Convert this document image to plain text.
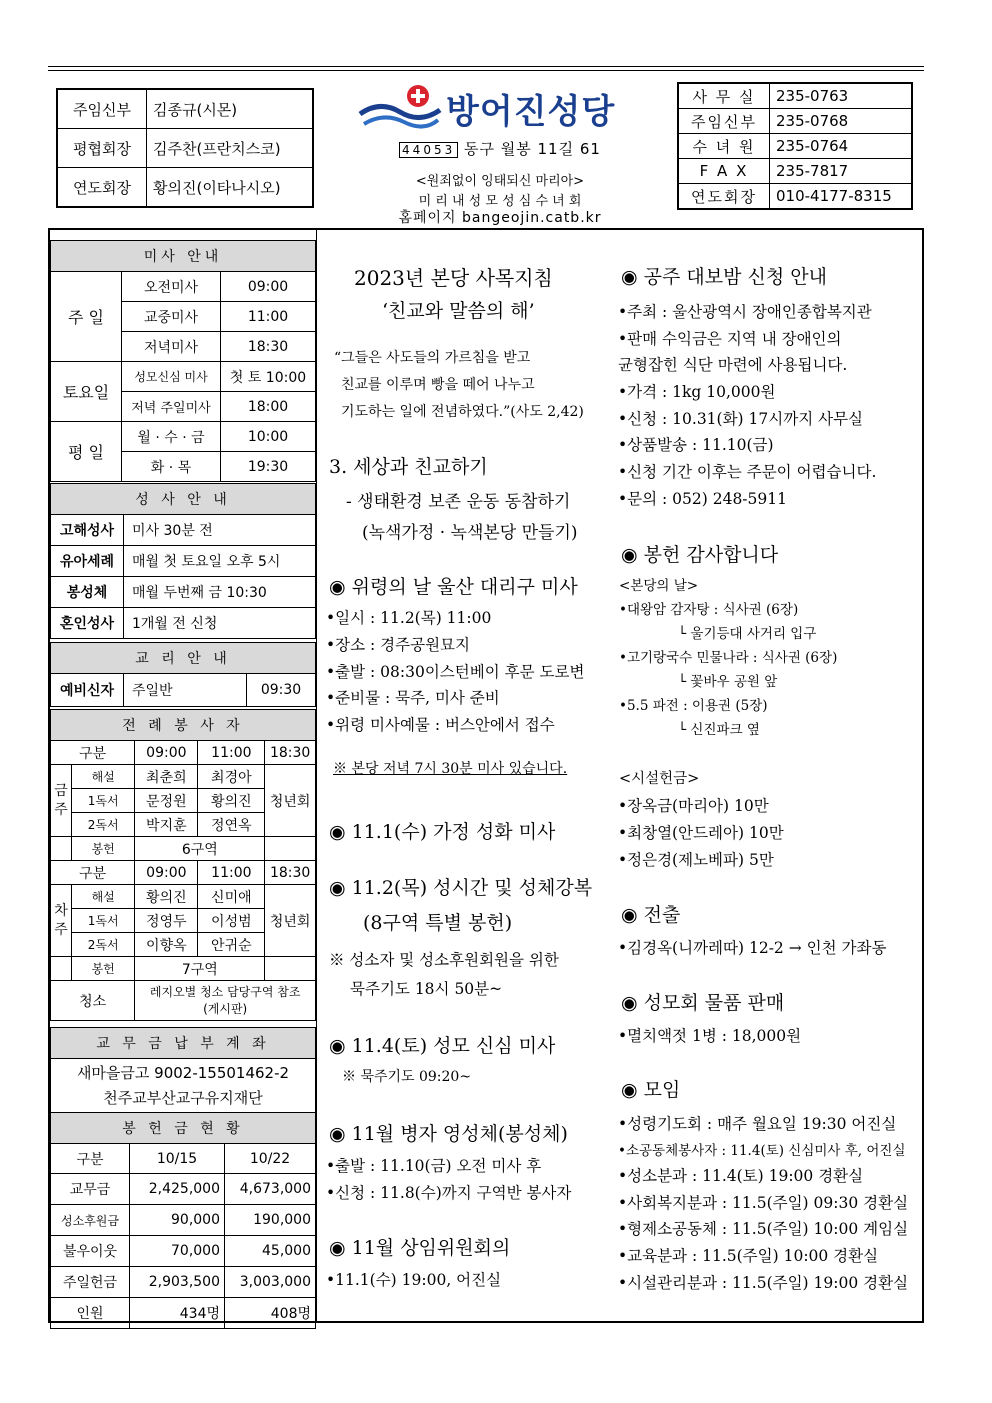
주임신부	김종규(시몬)
평협회장	김주찬(프란치스코)
연도회장	황의진(이타나시오)
방어진성당
44053 동구 월봉 11길 61
<원죄없이 잉태되신 마리아>
미 리 내 성 모 성 심 수 녀 회
홈페이지 bangeojin.catb.kr
사 무 실	235-0763
주임신부	235-0768
수 녀 원	235-0764
F A X	235-7817
연도회장	010-4177-8315
미사 안내		
주 일	오전미사	09:00
	교중미사	11:00
	저녁미사	18:30
토요일	성모신심 미사	첫 토 10:00
	저녁 주일미사	18:00
평 일	월 · 수 · 금	10:00
	화 · 목	19:30
성 사 안 내	
고해성사	미사 30분 전
유아세례	매월 첫 토요일 오후 5시
봉성체	매월 두번째 금 10:30
혼인성사	1개월 전 신청
교 리 안 내
예비신자	주일반	09:30
전 례 봉 사 자				
구분		09:00	11:00	18:30
금
주	해설	최춘희	최경아	청년회
	1독서	문정원	황의진	
	2독서	박지훈	정연옥	
	봉헌	6구역		
구분		09:00	11:00	18:30
차
주	해설	황의진	신미애	청년회
	1독서	정영두	이성범	
	2독서	이향옥	안귀순	
	봉헌	7구역		
청소		레지오별 청소 담당구역 참조
(게시판)		
교 무 금 납 부 계 좌
새마을금고 9002-15501462-2
천주교부산교구유지재단
봉 헌 금 현 황		
구분	10/15	10/22
교무금	2,425,000	4,673,000
성소후원금	90,000	190,000
불우이웃	70,000	45,000
주일헌금	2,903,500	3,003,000
인원	434명	408명
2023년 본당 사목지침
‘친교와 말씀의 해’
“그들은 사도들의 가르침을 받고
친교를 이루며 빵을 떼어 나누고
기도하는 일에 전념하였다.”(사도 2,42)
3. 세상과 친교하기
- 생태환경 보존 운동 동참하기
(녹색가정 · 녹색본당 만들기)
◉ 위령의 날 울산 대리구 미사
•일시 : 11.2(목) 11:00
•장소 : 경주공원묘지
•출발 : 08:30이스턴베이 후문 도로변
•준비물 : 묵주, 미사 준비
•위령 미사예물 : 버스안에서 접수
※ 본당 저녁 7시 30분 미사 있습니다.
◉ 11.1(수) 가정 성화 미사
◉ 11.2(목) 성시간 및 성체강복
(8구역 특별 봉헌)
※ 성소자 및 성소후원회원을 위한
묵주기도 18시 50분~
◉ 11.4(토) 성모 신심 미사
※ 묵주기도 09:20~
◉ 11월 병자 영성체(봉성체)
•출발 : 11.10(금) 오전 미사 후
•신청 : 11.8(수)까지 구역반 봉사자
◉ 11월 상임위원회의
•11.1(수) 19:00, 어진실
◉ 공주 대보밤 신청 안내
•주최 : 울산광역시 장애인종합복지관
•판매 수익금은 지역 내 장애인의
균형잡힌 식단 마련에 사용됩니다.
•가격 : 1kg 10,000원
•신청 : 10.31(화) 17시까지 사무실
•상품발송 : 11.10(금)
•신청 기간 이후는 주문이 어렵습니다.
•문의 : 052) 248-5911
◉ 봉헌 감사합니다
<본당의 날>
•대왕암 감자탕 : 식사권 (6장)
└ 울기등대 사거리 입구
•고기랑국수 민물나라 : 식사권 (6장)
└ 꽃바우 공원 앞
•5.5 파전 : 이용권 (5장)
└ 신진파크 옆
<시설헌금>
•장옥금(마리아) 10만
•최창열(안드레아) 10만
•정은경(제노베파) 5만
◉ 전출
•김경옥(니까레따) 12-2 → 인천 가좌동
◉ 성모회 물품 판매
•멸치액젓 1병 : 18,000원
◉ 모임
•성령기도회 : 매주 월요일 19:30 어진실
•소공동체봉사자 : 11.4(토) 신심미사 후, 어진실
•성소분과 : 11.4(토) 19:00 경환실
•사회복지분과 : 11.5(주일) 09:30 경환실
•형제소공동체 : 11.5(주일) 10:00 계임실
•교육분과 : 11.5(주일) 10:00 경환실
•시설관리분과 : 11.5(주일) 19:00 경환실
